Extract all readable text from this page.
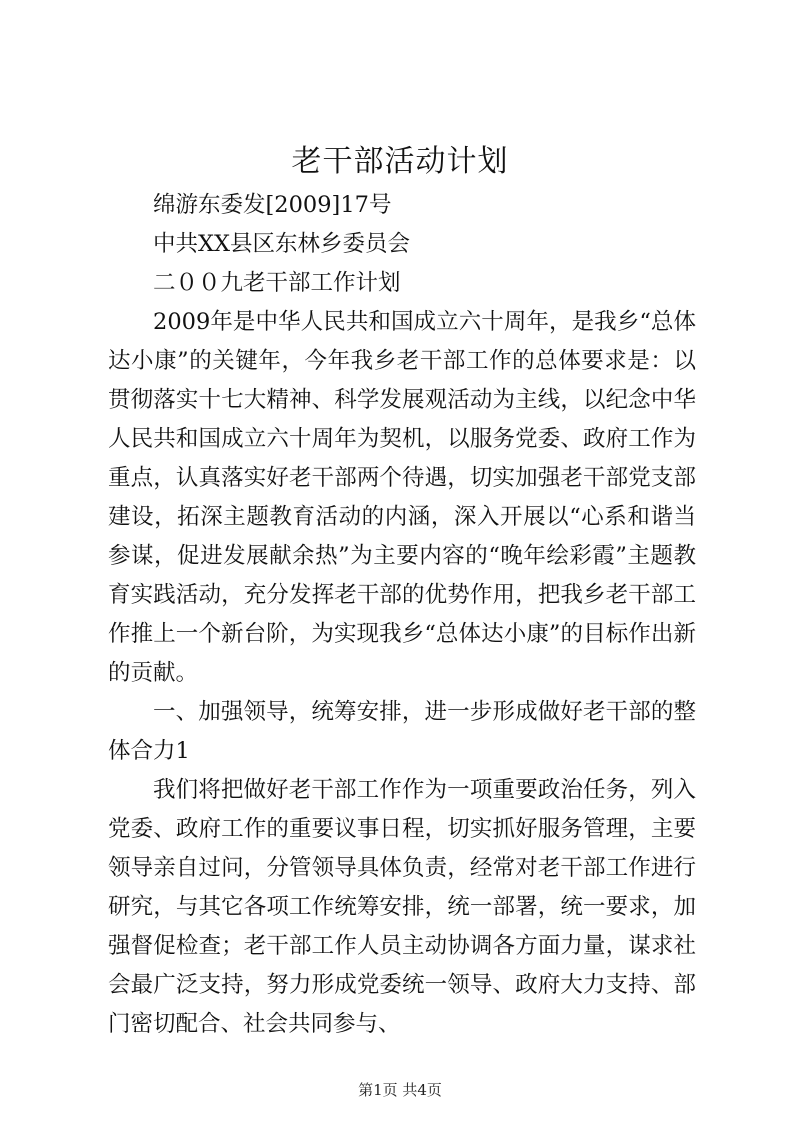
老干部活动计划

绵游东委发[2009]17号

中共XX县区东林乡委员会

二００九老干部工作计划

2009年是中华人民共和国成立六十周年，是我乡“总体达小康”的关键年，今年我乡老干部工作的总体要求是：以贯彻落实十七大精神、科学发展观活动为主线，以纪念中华人民共和国成立六十周年为契机，以服务党委、政府工作为重点，认真落实好老干部两个待遇，切实加强老干部党支部建设，拓深主题教育活动的内涵，深入开展以“心系和谐当参谋，促进发展献余热”为主要内容的“晚年绘彩霞”主题教育实践活动，充分发挥老干部的优势作用，把我乡老干部工作推上一个新台阶，为实现我乡“总体达小康”的目标作出新的贡献。

一、加强领导，统筹安排，进一步形成做好老干部的整体合力1

我们将把做好老干部工作作为一项重要政治任务，列入党委、政府工作的重要议事日程，切实抓好服务管理，主要领导亲自过问，分管领导具体负责，经常对老干部工作进行研究，与其它各项工作统筹安排，统一部署，统一要求，加强督促检查；老干部工作人员主动协调各方面力量，谋求社会最广泛支持，努力形成党委统一领导、政府大力支持、部门密切配合、社会共同参与、

第1页 共4页
